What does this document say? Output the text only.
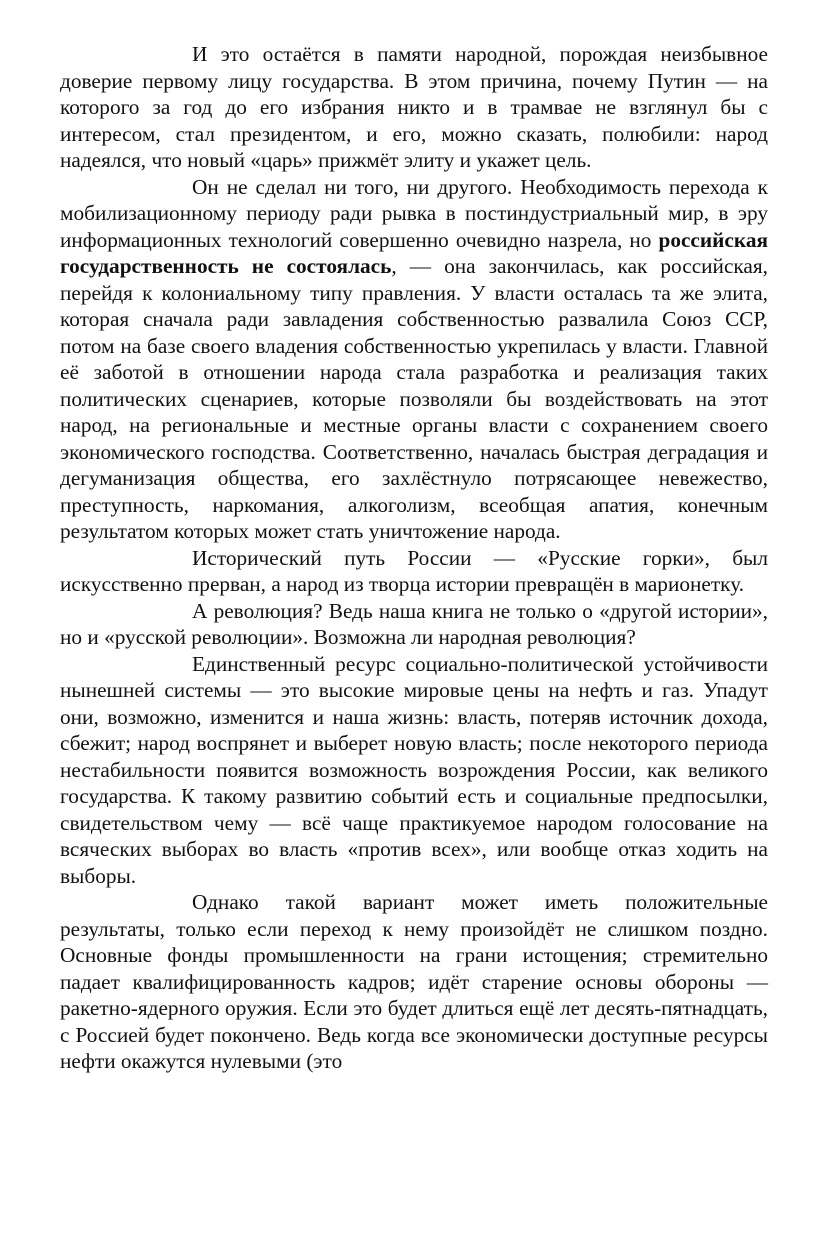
И это остаётся в памяти народной, порождая неизбывное доверие первому лицу государства. В этом причина, почему Путин — на которого за год до его избрания никто и в трамвае не взглянул бы с интересом, стал президентом, и его, можно сказать, полюбили: народ надеялся, что новый «царь» прижмёт элиту и укажет цель.

Он не сделал ни того, ни другого. Необходимость перехода к мобилизационному периоду ради рывка в постиндустриальный мир, в эру информационных технологий совершенно очевидно назрела, но российская государственность не состоялась, — она закончилась, как российская, перейдя к колониальному типу правления. У власти осталась та же элита, которая сначала ради завладения собственностью развалила Союз ССР, потом на базе своего владения собственностью укрепилась у власти. Главной её заботой в отношении народа стала разработка и реализация таких политических сценариев, которые позволяли бы воздействовать на этот народ, на региональные и местные органы власти с сохранением своего экономического господства. Соответственно, началась быстрая деградация и дегуманизация общества, его захлёстнуло потрясающее невежество, преступность, наркомания, алкоголизм, всеобщая апатия, конечным результатом которых может стать уничтожение народа.

Исторический путь России — «Русские горки», был искусственно прерван, а народ из творца истории превращён в марионетку.

А революция? Ведь наша книга не только о «другой истории», но и «русской революции». Возможна ли народная революция?

Единственный ресурс социально-политической устойчивости нынешней системы — это высокие мировые цены на нефть и газ. Упадут они, возможно, изменится и наша жизнь: власть, потеряв источник дохода, сбежит; народ воспрянет и выберет новую власть; после некоторого периода нестабильности появится возможность возрождения России, как великого государства. К такому развитию событий есть и социальные предпосылки, свидетельством чему — всё чаще практикуемое народом голосование на всяческих выборах во власть «против всех», или вообще отказ ходить на выборы.

Однако такой вариант может иметь положительные результаты, только если переход к нему произойдёт не слишком поздно. Основные фонды промышленности на грани истощения; стремительно падает квалифицированность кадров; идёт старение основы обороны — ракетно-ядерного оружия. Если это будет длиться ещё лет десять-пятнадцать, с Россией будет покончено. Ведь когда все экономически доступные ресурсы нефти окажутся нулевыми (это
